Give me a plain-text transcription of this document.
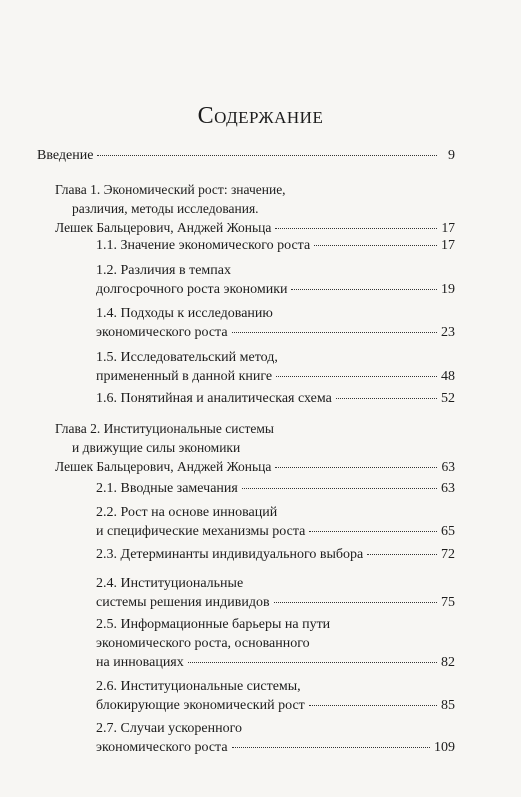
Содержание
Введение	9
Глава 1. Экономический рост: значение,
различия, методы исследования.
Лешек Бальцерович, Анджей Жоньца	17
1.1. Значение экономического роста	17
1.2. Различия в темпах
долгосрочного роста экономики	19
1.4. Подходы к исследованию
экономического роста	23
1.5. Исследовательский метод,
примененный в данной книге	48
1.6. Понятийная и аналитическая схема	52
Глава 2. Институциональные системы
и движущие силы экономики
Лешек Бальцерович, Анджей Жоньца	63
2.1. Вводные замечания	63
2.2. Рост на основе инноваций
и специфические механизмы роста	65
2.3. Детерминанты индивидуального выбора	72
2.4. Институциональные
системы решения индивидов	75
2.5. Информационные барьеры на пути
экономического роста, основанного
на инновациях	82
2.6. Институциональные системы,
блокирующие экономический рост	85
2.7. Случаи ускоренного
экономического роста	109
